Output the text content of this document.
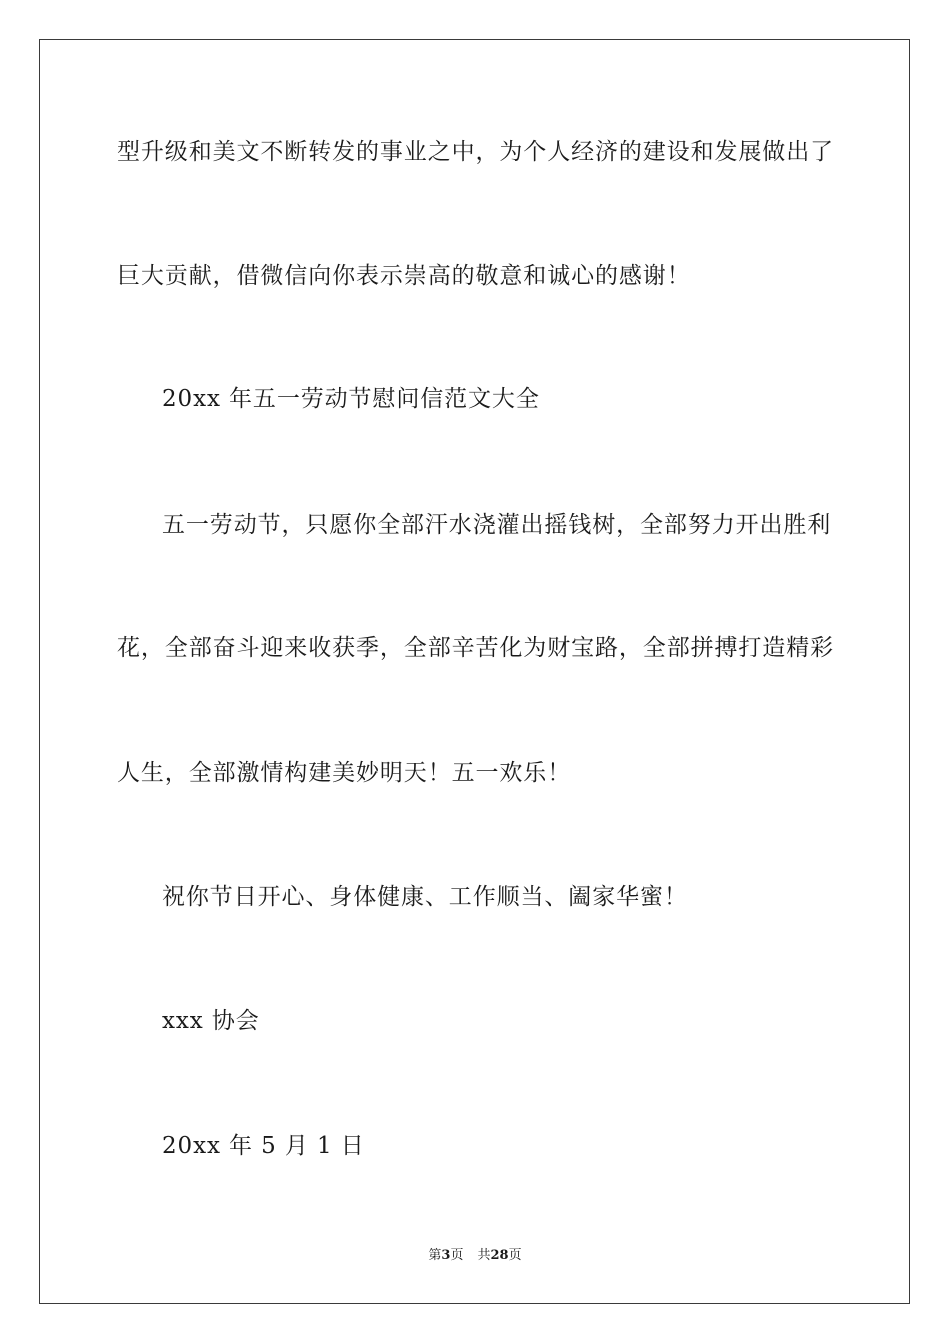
型升级和美文不断转发的事业之中，为个人经济的建设和发展做出了
巨大贡献，借微信向你表示崇高的敬意和诚心的感谢！
20xx 年五一劳动节慰问信范文大全
五一劳动节，只愿你全部汗水浇灌出摇钱树，全部努力开出胜利
花，全部奋斗迎来收获季，全部辛苦化为财宝路，全部拼搏打造精彩
人生，全部激情构建美妙明天！五一欢乐！
祝你节日开心、身体健康、工作顺当、阖家华蜜！
xxx 协会
20xx 年 5 月 1 日
第3页 共28页
